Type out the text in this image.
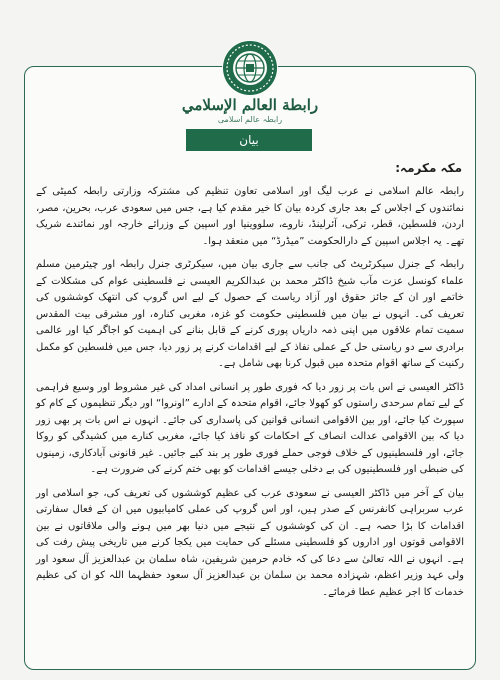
رابطة العالم الإسلامي
رابطہ عالم اسلامی
بیان
مکہ مکرمہ:

رابطہ عالم اسلامی نے عرب لیگ اور اسلامی تعاون تنظیم کی مشترکہ وزارتی رابطہ کمیٹی کے نمائندوں کے اجلاس کے بعد جاری کردہ بیان کا خیر مقدم کیا ہے، جس میں سعودی عرب، بحرین، مصر، اردن، فلسطین، قطر، ترکی، آئرلینڈ، ناروے، سلووینیا اور اسپین کے وزرائے خارجہ اور نمائندے شریک تھے۔ یہ اجلاس اسپین کے دارالحکومت ”میڈرڈ“ میں منعقد ہوا۔

رابطہ کے جنرل سیکرٹریٹ کی جانب سے جاری بیان میں، سیکرٹری جنرل رابطہ اور چیئرمین مسلم علماء کونسل عزت مآب شیخ ڈاکٹر محمد بن عبدالکریم العیسی نے فلسطینی عوام کی مشکلات کے خاتمے اور ان کے جائز حقوق اور آزاد ریاست کے حصول کے لیے اس گروپ کی انتھک کوششوں کی تعریف کی۔ انہوں نے بیان میں فلسطینی حکومت کو غزہ، مغربی کنارہ، اور مشرقی بیت المقدس سمیت تمام علاقوں میں اپنی ذمہ داریاں پوری کرنے کے قابل بنانے کی اہمیت کو اجاگر کیا اور عالمی برادری سے دو ریاستی حل کے عملی نفاذ کے لیے اقدامات کرنے پر زور دیا، جس میں فلسطین کو مکمل رکنیت کے ساتھ اقوام متحدہ میں قبول کرنا بھی شامل ہے۔

ڈاکٹر العیسی نے اس بات پر زور دیا کہ فوری طور پر انسانی امداد کی غیر مشروط اور وسیع فراہمی کے لیے تمام سرحدی راستوں کو کھولا جائے، اقوام متحدہ کے ادارے ”اونروا“ اور دیگر تنظیموں کے کام کو سپورٹ کیا جائے، اور بین الاقوامی انسانی قوانین کی پاسداری کی جائے۔ انہوں نے اس بات پر بھی زور دیا کہ بین الاقوامی عدالت انصاف کے احکامات کو نافذ کیا جائے، مغربی کنارے میں کشیدگی کو روکا جائے، اور فلسطینیوں کے خلاف فوجی حملے فوری طور پر بند کیے جائیں۔ غیر قانونی آبادکاری، زمینوں کی ضبطی اور فلسطینیوں کی بے دخلی جیسے اقدامات کو بھی ختم کرنے کی ضرورت ہے۔

بیان کے آخر میں ڈاکٹر العیسی نے سعودی عرب کی عظیم کوششوں کی تعریف کی، جو اسلامی اور عرب سربراہی کانفرنس کے صدر ہیں، اور اس گروپ کی عملی کامیابیوں میں ان کے فعال سفارتی اقدامات کا بڑا حصہ ہے۔ ان کی کوششوں کے نتیجے میں دنیا بھر میں ہونے والی ملاقاتوں نے بین الاقوامی قوتوں اور اداروں کو فلسطینی مسئلے کی حمایت میں یکجا کرنے میں تاریخی پیش رفت کی ہے۔ انہوں نے اللہ تعالیٰ سے دعا کی کہ خادم حرمین شریفین، شاہ سلمان بن عبدالعزیز آل سعود اور ولی عہد وزیر اعظم، شہزادہ محمد بن سلمان بن عبدالعزیز آل سعود حفظہما اللہ کو ان کی عظیم خدمات کا اجر عظیم عطا فرمائے۔
